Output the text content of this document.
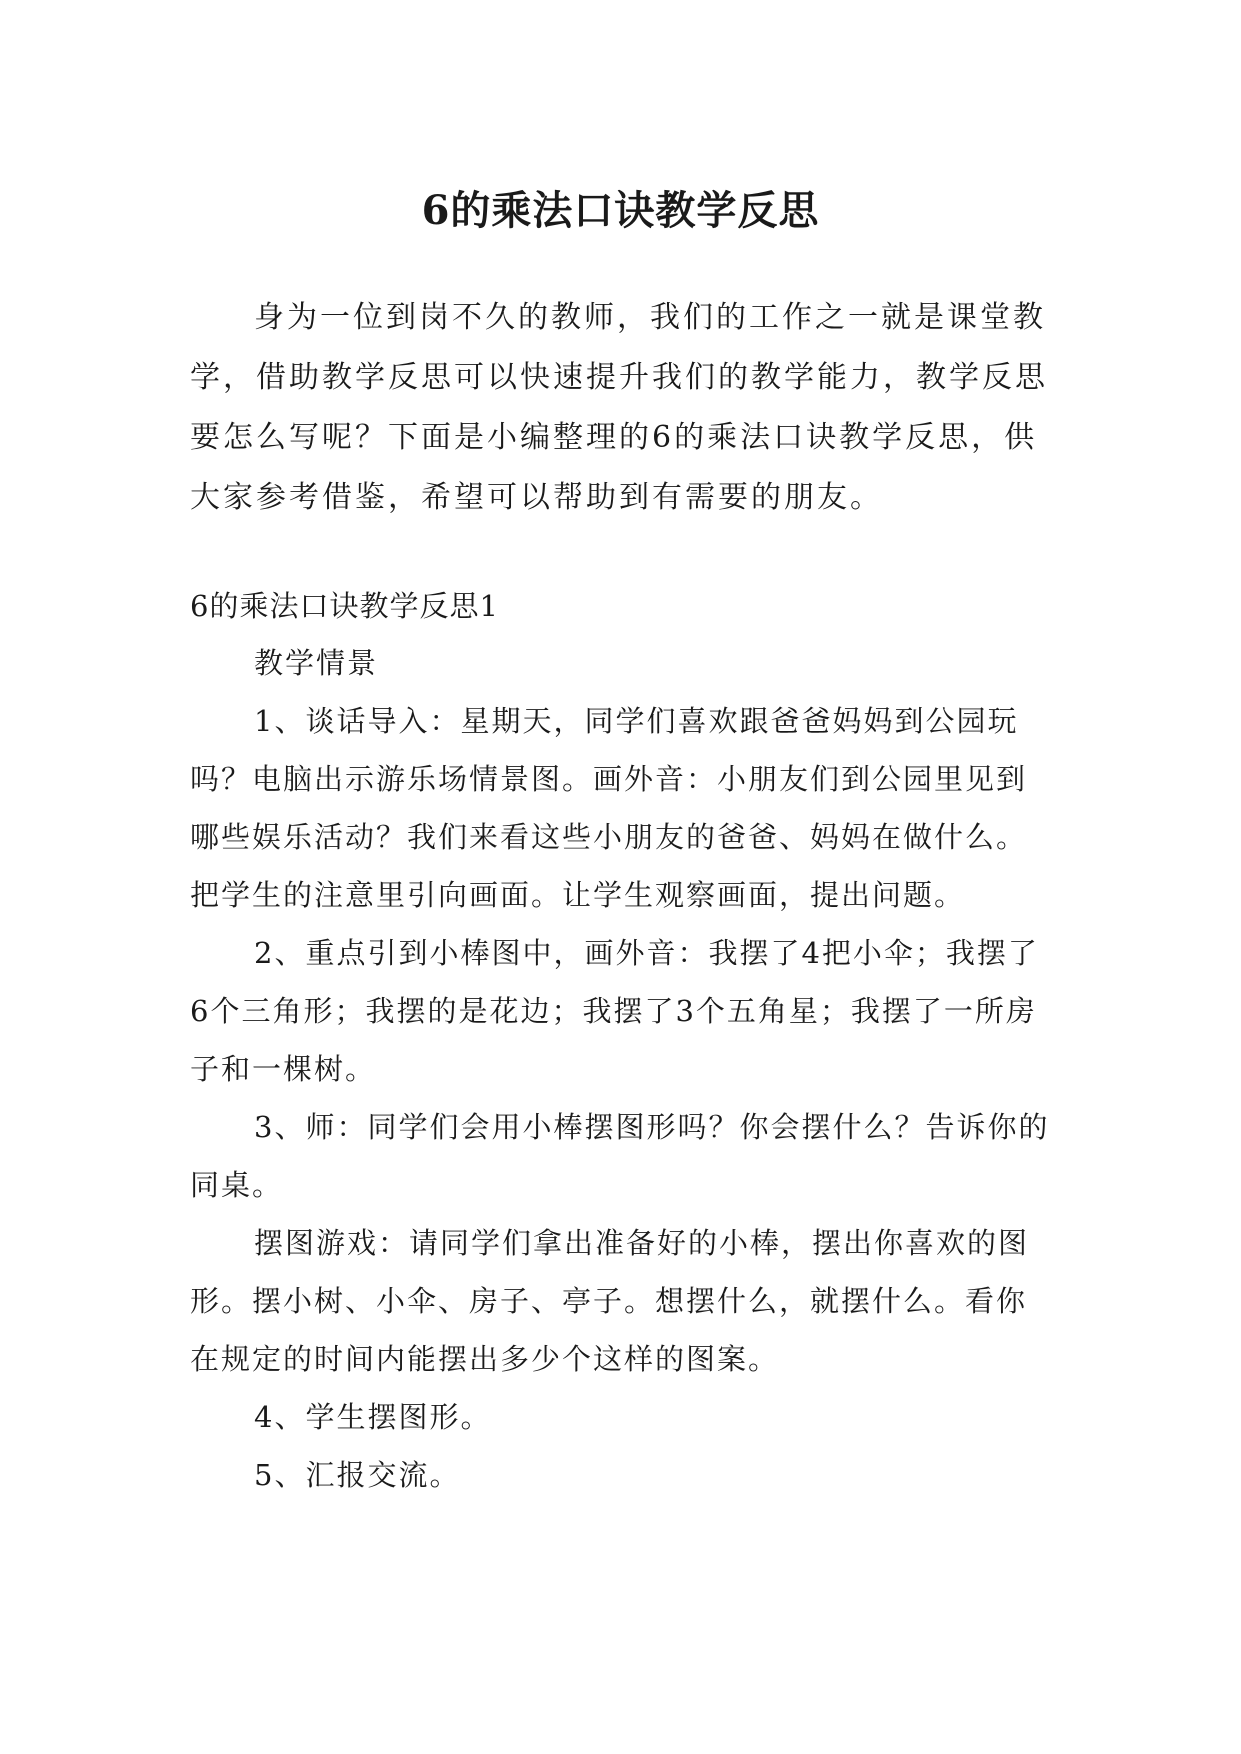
6的乘法口诀教学反思

身为一位到岗不久的教师，我们的工作之一就是课堂教学，借助教学反思可以快速提升我们的教学能力，教学反思要怎么写呢？下面是小编整理的6的乘法口诀教学反思，供大家参考借鉴，希望可以帮助到有需要的朋友。

6的乘法口诀教学反思1

教学情景

1、谈话导入：星期天，同学们喜欢跟爸爸妈妈到公园玩吗？电脑出示游乐场情景图。画外音：小朋友们到公园里见到哪些娱乐活动？我们来看这些小朋友的爸爸、妈妈在做什么。把学生的注意里引向画面。让学生观察画面，提出问题。

2、重点引到小棒图中，画外音：我摆了4把小伞；我摆了6个三角形；我摆的是花边；我摆了3个五角星；我摆了一所房子和一棵树。

3、师：同学们会用小棒摆图形吗？你会摆什么？告诉你的同桌。

摆图游戏：请同学们拿出准备好的小棒，摆出你喜欢的图形。摆小树、小伞、房子、亭子。想摆什么，就摆什么。看你在规定的时间内能摆出多少个这样的图案。

4、学生摆图形。

5、汇报交流。
